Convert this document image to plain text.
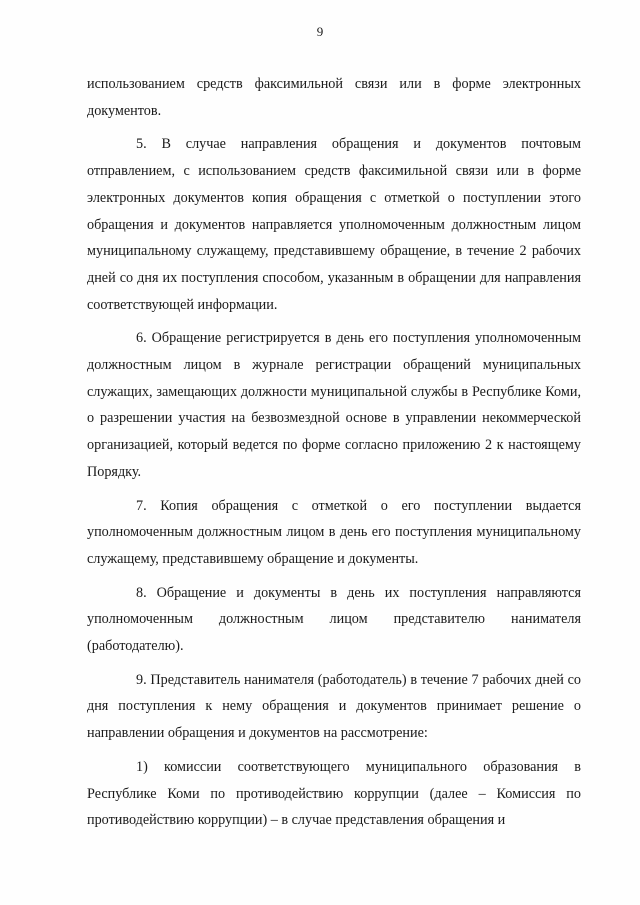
9

использованием средств факсимильной связи или в форме электронных документов.

5. В случае направления обращения и документов почтовым отправлением, с использованием средств факсимильной связи или в форме электронных документов копия обращения с отметкой о поступлении этого обращения и документов направляется уполномоченным должностным лицом муниципальному служащему, представившему обращение, в течение 2 рабочих дней со дня их поступления способом, указанным в обращении для направления соответствующей информации.

6. Обращение регистрируется в день его поступления уполномоченным должностным лицом в журнале регистрации обращений муниципальных служащих, замещающих должности муниципальной службы в Республике Коми, о разрешении участия на безвозмездной основе в управлении некоммерческой организацией, который ведется по форме согласно приложению 2 к настоящему Порядку.

7. Копия обращения с отметкой о его поступлении выдается уполномоченным должностным лицом в день его поступления муниципальному служащему, представившему обращение и документы.

8. Обращение и документы в день их поступления направляются уполномоченным должностным лицом представителю нанимателя (работодателю).

9. Представитель нанимателя (работодатель) в течение 7 рабочих дней со дня поступления к нему обращения и документов принимает решение о направлении обращения и документов на рассмотрение:

1) комиссии соответствующего муниципального образования в Республике Коми по противодействию коррупции (далее – Комиссия по противодействию коррупции) – в случае представления обращения и
